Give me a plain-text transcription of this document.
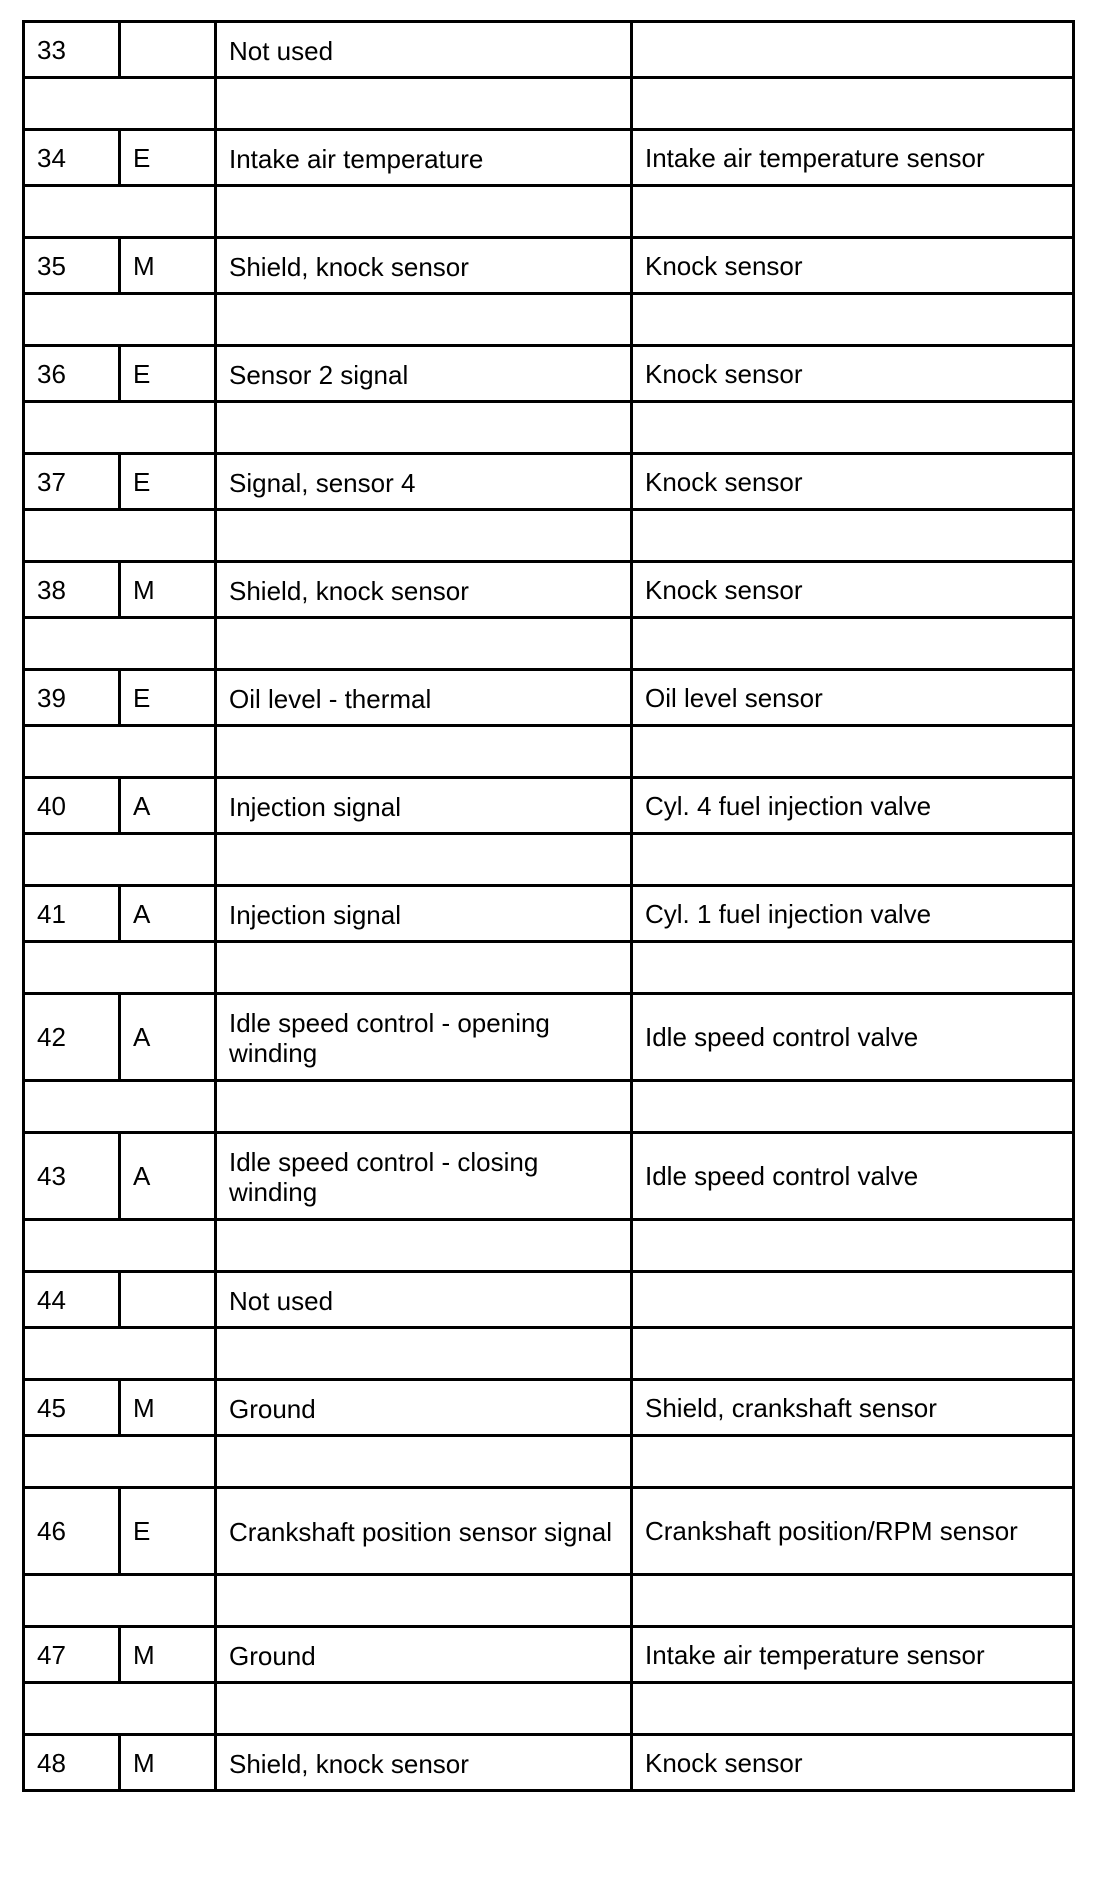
33		Not used	

34	E	Intake air temperature	Intake air temperature sensor

35	M	Shield, knock sensor	Knock sensor

36	E	Sensor 2 signal	Knock sensor

37	E	Signal, sensor 4	Knock sensor

38	M	Shield, knock sensor	Knock sensor

39	E	Oil level - thermal	Oil level sensor

40	A	Injection signal	Cyl. 4 fuel injection valve

41	A	Injection signal	Cyl. 1 fuel injection valve

42	A	Idle speed control - opening winding	Idle speed control valve

43	A	Idle speed control - closing winding	Idle speed control valve

44		Not used	

45	M	Ground	Shield, crankshaft sensor

46	E	Crankshaft position sensor signal	Crankshaft position/RPM sensor

47	M	Ground	Intake air temperature sensor

48	M	Shield, knock sensor	Knock sensor
